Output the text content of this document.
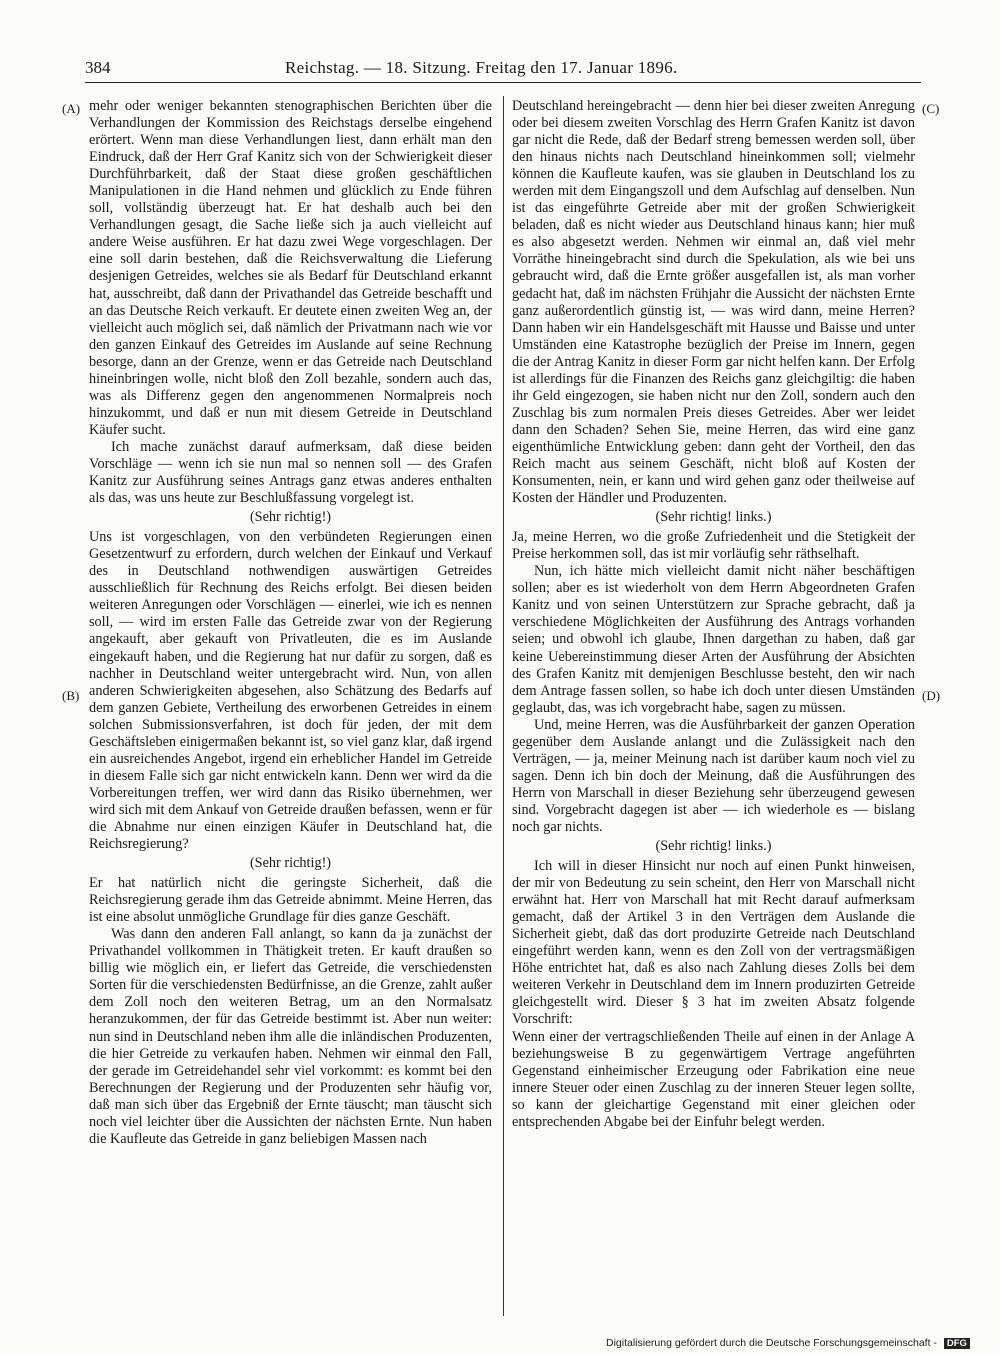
384	Reichstag. — 18. Sitzung. Freitag den 17. Januar 1896.
(A)
(B)
(C)
(D)

mehr oder weniger bekannten stenographischen Berichten über die Verhandlungen der Kommission des Reichstags derselbe eingehend erörtert. Wenn man diese Verhandlungen liest, dann erhält man den Eindruck, daß der Herr Graf Kanitz sich von der Schwierigkeit dieser Durchführbarkeit, daß der Staat diese großen geschäftlichen Manipulationen in die Hand nehmen und glücklich zu Ende führen soll, vollständig überzeugt hat. Er hat deshalb auch bei den Verhandlungen gesagt, die Sache ließe sich ja auch vielleicht auf andere Weise ausführen. Er hat dazu zwei Wege vorgeschlagen. Der eine soll darin bestehen, daß die Reichsverwaltung die Lieferung desjenigen Getreides, welches sie als Bedarf für Deutschland erkannt hat, ausschreibt, daß dann der Privathandel das Getreide beschafft und an das Deutsche Reich verkauft. Er deutete einen zweiten Weg an, der vielleicht auch möglich sei, daß nämlich der Privatmann nach wie vor den ganzen Einkauf des Getreides im Auslande auf seine Rechnung besorge, dann an der Grenze, wenn er das Getreide nach Deutschland hineinbringen wolle, nicht bloß den Zoll bezahle, sondern auch das, was als Differenz gegen den angenommenen Normalpreis noch hinzukommt, und daß er nun mit diesem Getreide in Deutschland Käufer sucht.

Ich mache zunächst darauf aufmerksam, daß diese beiden Vorschläge — wenn ich sie nun mal so nennen soll — des Grafen Kanitz zur Ausführung seines Antrags ganz etwas anderes enthalten als das, was uns heute zur Beschlußfassung vorgelegt ist.

(Sehr richtig!)

Uns ist vorgeschlagen, von den verbündeten Regierungen einen Gesetzentwurf zu erfordern, durch welchen der Einkauf und Verkauf des in Deutschland nothwendigen auswärtigen Getreides ausschließlich für Rechnung des Reichs erfolgt. Bei diesen beiden weiteren Anregungen oder Vorschlägen — einerlei, wie ich es nennen soll, — wird im ersten Falle das Getreide zwar von der Regierung angekauft, aber gekauft von Privatleuten, die es im Auslande eingekauft haben, und die Regierung hat nur dafür zu sorgen, daß es nachher in Deutschland weiter untergebracht wird. Nun, von allen anderen Schwierigkeiten abgesehen, also Schätzung des Bedarfs auf dem ganzen Gebiete, Vertheilung des erworbenen Getreides in einem solchen Submissionsverfahren, ist doch für jeden, der mit dem Geschäftsleben einigermaßen bekannt ist, so viel ganz klar, daß irgend ein ausreichendes Angebot, irgend ein erheblicher Handel im Getreide in diesem Falle sich gar nicht entwickeln kann. Denn wer wird da die Vorbereitungen treffen, wer wird dann das Risiko übernehmen, wer wird sich mit dem Ankauf von Getreide draußen befassen, wenn er für die Abnahme nur einen einzigen Käufer in Deutschland hat, die Reichsregierung?

(Sehr richtig!)

Er hat natürlich nicht die geringste Sicherheit, daß die Reichsregierung gerade ihm das Getreide abnimmt. Meine Herren, das ist eine absolut unmögliche Grundlage für dies ganze Geschäft.

Was dann den anderen Fall anlangt, so kann da ja zunächst der Privathandel vollkommen in Thätigkeit treten. Er kauft draußen so billig wie möglich ein, er liefert das Getreide, die verschiedensten Sorten für die verschiedensten Bedürfnisse, an die Grenze, zahlt außer dem Zoll noch den weiteren Betrag, um an den Normalsatz heranzukommen, der für das Getreide bestimmt ist. Aber nun weiter: nun sind in Deutschland neben ihm alle die inländischen Produzenten, die hier Getreide zu verkaufen haben. Nehmen wir einmal den Fall, der gerade im Getreidehandel sehr viel vorkommt: es kommt bei den Berechnungen der Regierung und der Produzenten sehr häufig vor, daß man sich über das Ergebniß der Ernte täuscht; man täuscht sich noch viel leichter über die Aussichten der nächsten Ernte. Nun haben die Kaufleute das Getreide in ganz beliebigen Massen nach

Deutschland hereingebracht — denn hier bei dieser zweiten Anregung oder bei diesem zweiten Vorschlag des Herrn Grafen Kanitz ist davon gar nicht die Rede, daß der Bedarf streng bemessen werden soll, über den hinaus nichts nach Deutschland hineinkommen soll; vielmehr können die Kaufleute kaufen, was sie glauben in Deutschland los zu werden mit dem Eingangszoll und dem Aufschlag auf denselben. Nun ist das eingeführte Getreide aber mit der großen Schwierigkeit beladen, daß es nicht wieder aus Deutschland hinaus kann; hier muß es also abgesetzt werden. Nehmen wir einmal an, daß viel mehr Vorräthe hineingebracht sind durch die Spekulation, als wie bei uns gebraucht wird, daß die Ernte größer ausgefallen ist, als man vorher gedacht hat, daß im nächsten Frühjahr die Aussicht der nächsten Ernte ganz außerordentlich günstig ist, — was wird dann, meine Herren? Dann haben wir ein Handelsgeschäft mit Hausse und Baisse und unter Umständen eine Katastrophe bezüglich der Preise im Innern, gegen die der Antrag Kanitz in dieser Form gar nicht helfen kann. Der Erfolg ist allerdings für die Finanzen des Reichs ganz gleichgiltig: die haben ihr Geld eingezogen, sie haben nicht nur den Zoll, sondern auch den Zuschlag bis zum normalen Preis dieses Getreides. Aber wer leidet dann den Schaden? Sehen Sie, meine Herren, das wird eine ganz eigenthümliche Entwicklung geben: dann geht der Vortheil, den das Reich macht aus seinem Geschäft, nicht bloß auf Kosten der Konsumenten, nein, er kann und wird gehen ganz oder theilweise auf Kosten der Händler und Produzenten.

(Sehr richtig! links.)

Ja, meine Herren, wo die große Zufriedenheit und die Stetigkeit der Preise herkommen soll, das ist mir vorläufig sehr räthselhaft.

Nun, ich hätte mich vielleicht damit nicht näher beschäftigen sollen; aber es ist wiederholt von dem Herrn Abgeordneten Grafen Kanitz und von seinen Unterstützern zur Sprache gebracht, daß ja verschiedene Möglichkeiten der Ausführung des Antrags vorhanden seien; und obwohl ich glaube, Ihnen dargethan zu haben, daß gar keine Uebereinstimmung dieser Arten der Ausführung der Absichten des Grafen Kanitz mit demjenigen Beschlusse besteht, den wir nach dem Antrage fassen sollen, so habe ich doch unter diesen Umständen geglaubt, das, was ich vorgebracht habe, sagen zu müssen.

Und, meine Herren, was die Ausführbarkeit der ganzen Operation gegenüber dem Auslande anlangt und die Zulässigkeit nach den Verträgen, — ja, meiner Meinung nach ist darüber kaum noch viel zu sagen. Denn ich bin doch der Meinung, daß die Ausführungen des Herrn von Marschall in dieser Beziehung sehr überzeugend gewesen sind. Vorgebracht dagegen ist aber — ich wiederhole es — bislang noch gar nichts.

(Sehr richtig! links.)

Ich will in dieser Hinsicht nur noch auf einen Punkt hinweisen, der mir von Bedeutung zu sein scheint, den Herr von Marschall nicht erwähnt hat. Herr von Marschall hat mit Recht darauf aufmerksam gemacht, daß der Artikel 3 in den Verträgen dem Auslande die Sicherheit giebt, daß das dort produzirte Getreide nach Deutschland eingeführt werden kann, wenn es den Zoll von der vertragsmäßigen Höhe entrichtet hat, daß es also nach Zahlung dieses Zolls bei dem weiteren Verkehr in Deutschland dem im Innern produzirten Getreide gleichgestellt wird. Dieser § 3 hat im zweiten Absatz folgende Vorschrift:

Wenn einer der vertragschließenden Theile auf einen in der Anlage A beziehungsweise B zu gegenwärtigem Vertrage angeführten Gegenstand einheimischer Erzeugung oder Fabrikation eine neue innere Steuer oder einen Zuschlag zu der inneren Steuer legen sollte, so kann der gleichartige Gegenstand mit einer gleichen oder entsprechenden Abgabe bei der Einfuhr belegt werden.

Digitalisierung gefördert durch die Deutsche Forschungsgemeinschaft - DFG
